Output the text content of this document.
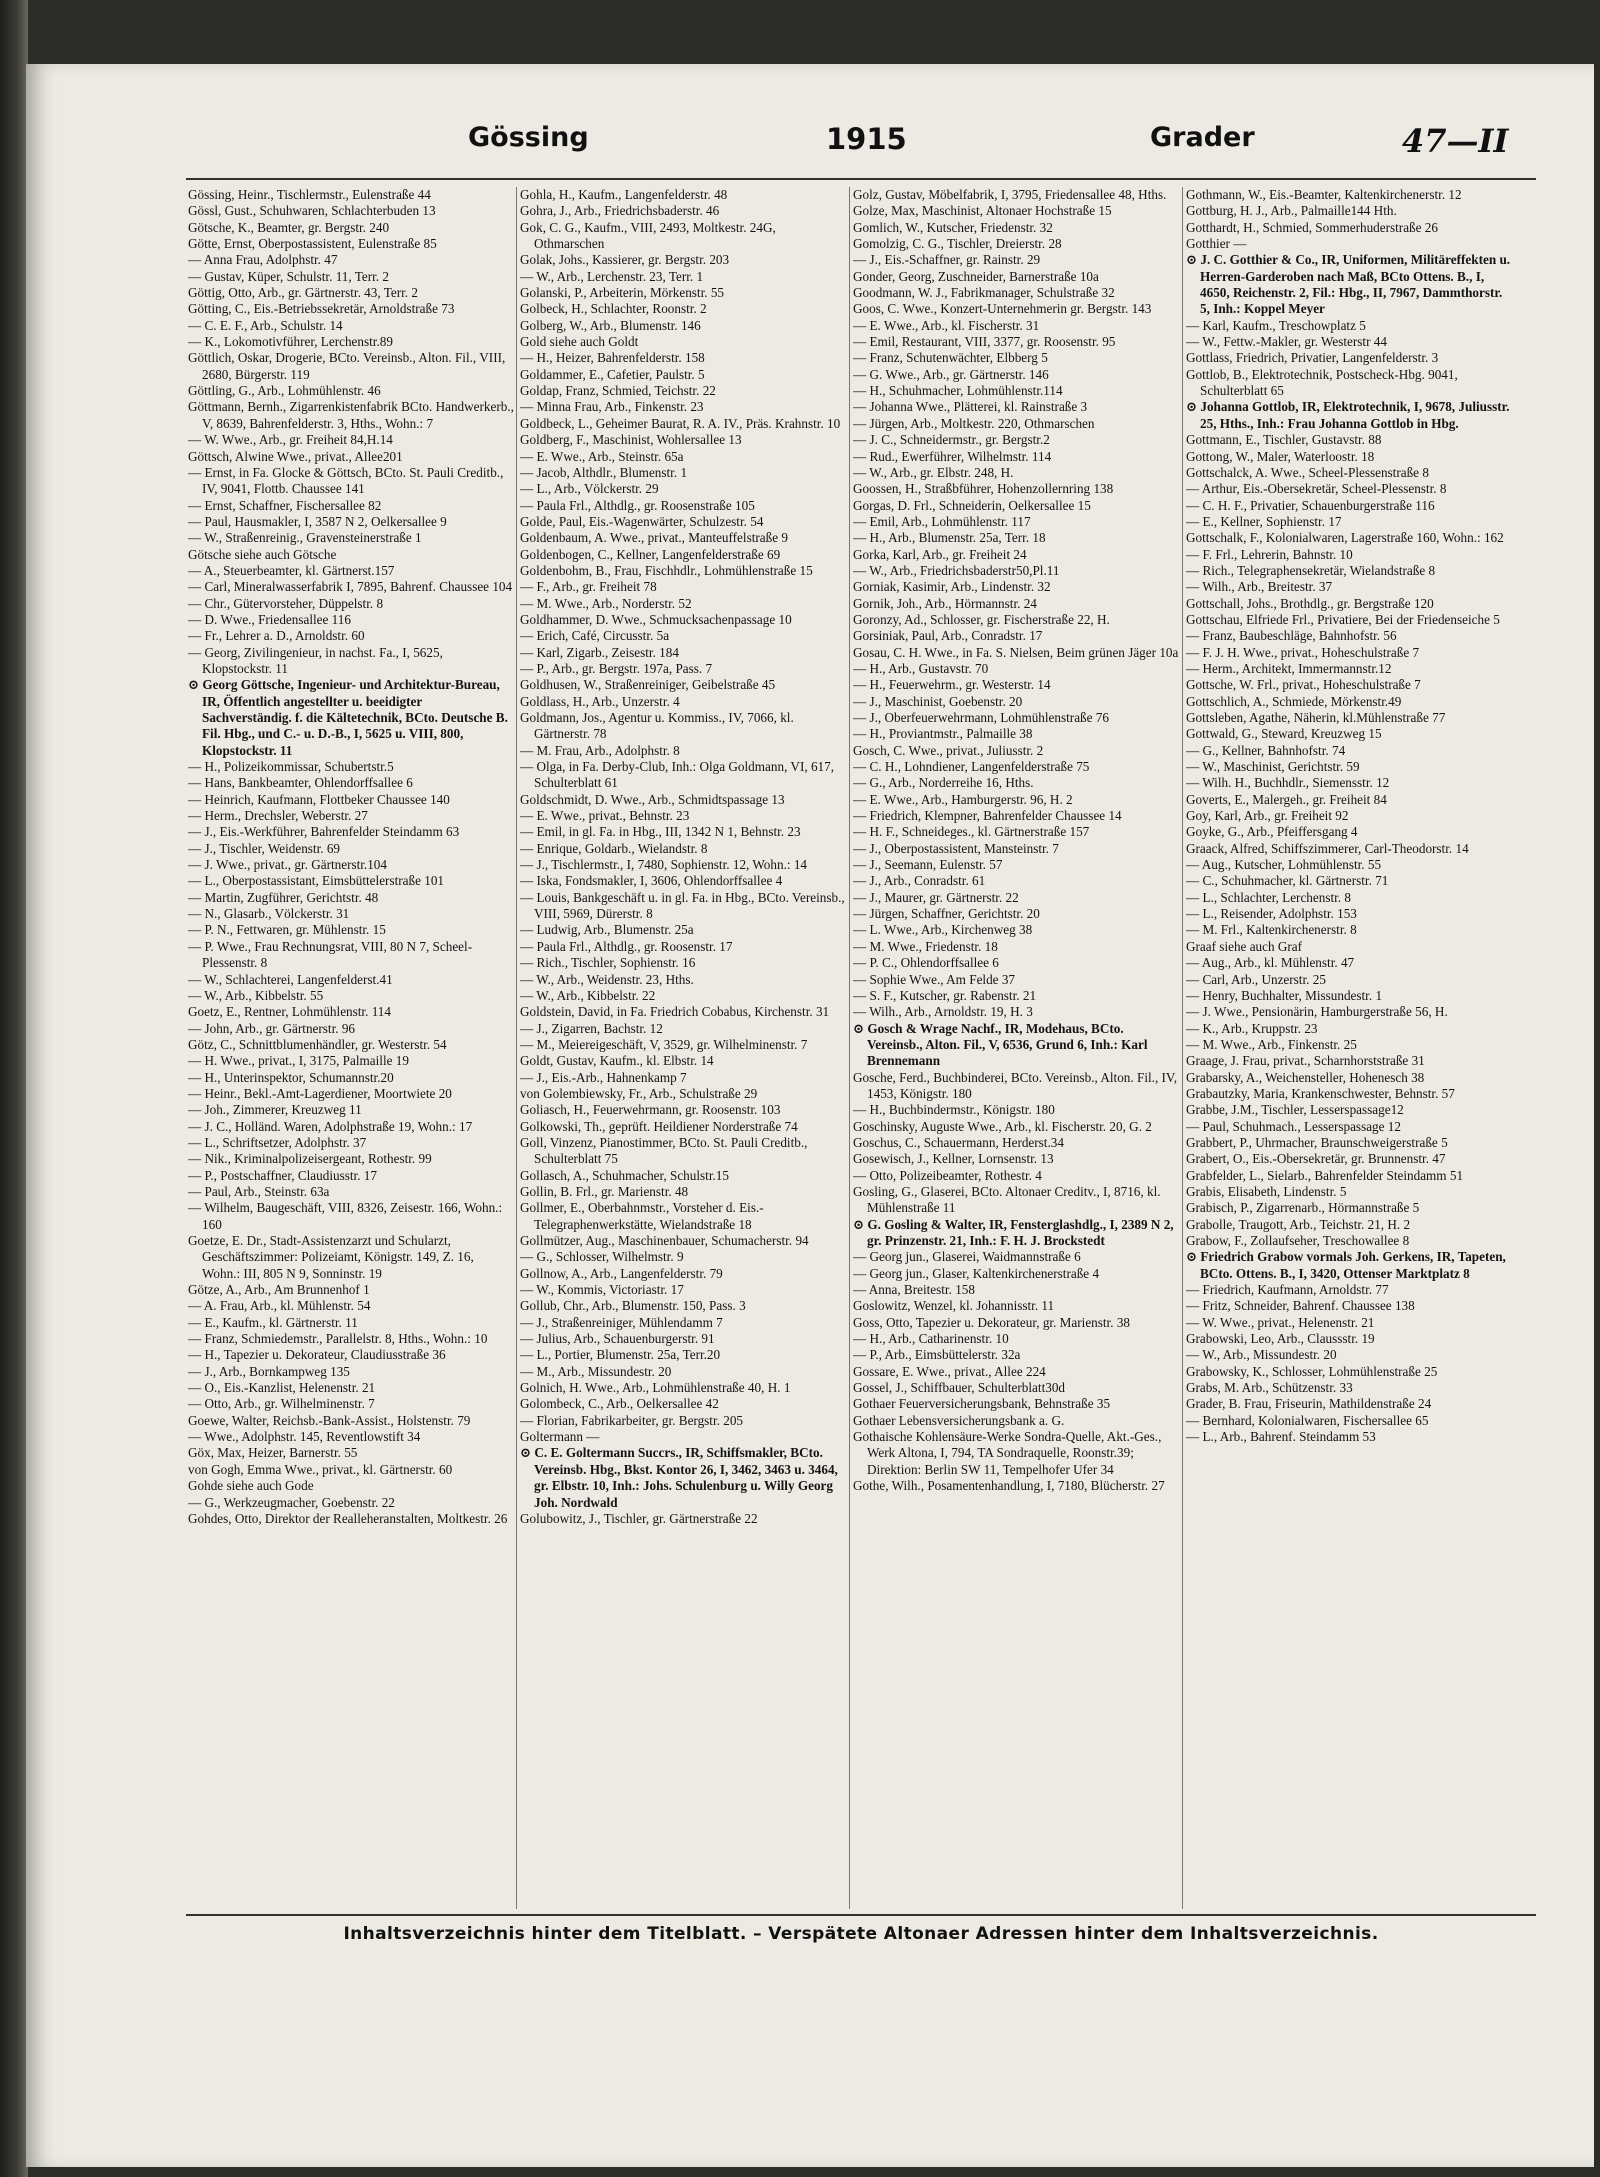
Gössing	1915	Grader	47—II
Gössing, Heinr., Tischlermstr., Eulenstraße 44
Gössl, Gust., Schuhwaren, Schlachterbuden 13
Götsche, K., Beamter, gr. Bergstr. 240
Götte, Ernst, Oberpostassistent, Eulenstraße 85
— Anna Frau, Adolphstr. 47
— Gustav, Küper, Schulstr. 11, Terr. 2
Göttig, Otto, Arb., gr. Gärtnerstr. 43, Terr. 2
Götting, C., Eis.-Betriebssekretär, Arnoldstraße 73
— C. E. F., Arb., Schulstr. 14
— K., Lokomotivführer, Lerchenstr.89
Göttlich, Oskar, Drogerie, BCto. Vereinsb., Alton. Fil., VIII, 2680, Bürgerstr. 119
Göttling, G., Arb., Lohmühlenstr. 46
Göttmann, Bernh., Zigarrenkistenfabrik BCto. Handwerkerb., V, 8639, Bahrenfelderstr. 3, Hths., Wohn.: 7
— W. Wwe., Arb., gr. Freiheit 84,H.14
Göttsch, Alwine Wwe., privat., Allee201
— Ernst, in Fa. Glocke & Göttsch, BCto. St. Pauli Creditb., IV, 9041, Flottb. Chaussee 141
— Ernst, Schaffner, Fischersallee 82
— Paul, Hausmakler, I, 3587 N 2, Oelkersallee 9
— W., Straßenreinig., Gravensteinerstraße 1
Götsche siehe auch Götsche
— A., Steuerbeamter, kl. Gärtnerst.157
— Carl, Mineralwasserfabrik I, 7895, Bahrenf. Chaussee 104
— Chr., Gütervorsteher, Düppelstr. 8
— D. Wwe., Friedensallee 116
— Fr., Lehrer a. D., Arnoldstr. 60
— Georg, Zivilingenieur, in nachst. Fa., I, 5625, Klopstockstr. 11
⊙ Georg Göttsche, Ingenieur- und Architektur-Bureau, IR, Öffentlich angestellter u. beeidigter Sachverständig. f. die Kältetechnik, BCto. Deutsche B. Fil. Hbg., und C.- u. D.-B., I, 5625 u. VIII, 800, Klopstockstr. 11
— H., Polizeikommissar, Schubertstr.5
— Hans, Bankbeamter, Ohlendorffsallee 6
— Heinrich, Kaufmann, Flottbeker Chaussee 140
— Herm., Drechsler, Weberstr. 27
— J., Eis.-Werkführer, Bahrenfelder Steindamm 63
— J., Tischler, Weidenstr. 69
— J. Wwe., privat., gr. Gärtnerstr.104
— L., Oberpostassistant, Eimsbüttelerstraße 101
— Martin, Zugführer, Gerichtstr. 48
— N., Glasarb., Völckerstr. 31
— P. N., Fettwaren, gr. Mühlenstr. 15
— P. Wwe., Frau Rechnungsrat, VIII, 80 N 7, Scheel-Plessenstr. 8
— W., Schlachterei, Langenfelderst.41
— W., Arb., Kibbelstr. 55
Goetz, E., Rentner, Lohmühlenstr. 114
— John, Arb., gr. Gärtnerstr. 96
Götz, C., Schnittblumenhändler, gr. Westerstr. 54
— H. Wwe., privat., I, 3175, Palmaille 19
— H., Unterinspektor, Schumannstr.20
— Heinr., Bekl.-Amt-Lagerdiener, Moortwiete 20
— Joh., Zimmerer, Kreuzweg 11
— J. C., Holländ. Waren, Adolphstraße 19, Wohn.: 17
— L., Schriftsetzer, Adolphstr. 37
— Nik., Kriminalpolizeisergeant, Rothestr. 99
— P., Postschaffner, Claudiusstr. 17
— Paul, Arb., Steinstr. 63a
— Wilhelm, Baugeschäft, VIII, 8326, Zeisestr. 166, Wohn.: 160
Goetze, E. Dr., Stadt-Assistenzarzt und Schularzt, Geschäftszimmer: Polizeiamt, Königstr. 149, Z. 16, Wohn.: III, 805 N 9, Sonninstr. 19
Götze, A., Arb., Am Brunnenhof 1
— A. Frau, Arb., kl. Mühlenstr. 54
— E., Kaufm., kl. Gärtnerstr. 11
— Franz, Schmiedemstr., Parallelstr. 8, Hths., Wohn.: 10
— H., Tapezier u. Dekorateur, Claudiusstraße 36
— J., Arb., Bornkampweg 135
— O., Eis.-Kanzlist, Helenenstr. 21
— Otto, Arb., gr. Wilhelminenstr. 7
Goewe, Walter, Reichsb.-Bank-Assist., Holstenstr. 79
— Wwe., Adolphstr. 145, Reventlowstift 34
Göx, Max, Heizer, Barnerstr. 55
von Gogh, Emma Wwe., privat., kl. Gärtnerstr. 60
Gohde siehe auch Gode
— G., Werkzeugmacher, Goebenstr. 22
Gohdes, Otto, Direktor der Realleheranstalten, Moltkestr. 26
Gohla, H., Kaufm., Langenfelderstr. 48
Gohra, J., Arb., Friedrichsbaderstr. 46
Gok, C. G., Kaufm., VIII, 2493, Moltkestr. 24G, Othmarschen
Golak, Johs., Kassierer, gr. Bergstr. 203
— W., Arb., Lerchenstr. 23, Terr. 1
Golanski, P., Arbeiterin, Mörkenstr. 55
Golbeck, H., Schlachter, Roonstr. 2
Golberg, W., Arb., Blumenstr. 146
Gold siehe auch Goldt
— H., Heizer, Bahrenfelderstr. 158
Goldammer, E., Cafetier, Paulstr. 5
Goldap, Franz, Schmied, Teichstr. 22
— Minna Frau, Arb., Finkenstr. 23
Goldbeck, L., Geheimer Baurat, R. A. IV., Präs. Krahnstr. 10
Goldberg, F., Maschinist, Wohlersallee 13
— E. Wwe., Arb., Steinstr. 65a
— Jacob, Althdlr., Blumenstr. 1
— L., Arb., Völckerstr. 29
— Paula Frl., Althdlg., gr. Roosenstraße 105
Golde, Paul, Eis.-Wagenwärter, Schulzestr. 54
Goldenbaum, A. Wwe., privat., Manteuffelstraße 9
Goldenbogen, C., Kellner, Langenfelderstraße 69
Goldenbohm, B., Frau, Fischhdlr., Lohmühlenstraße 15
— F., Arb., gr. Freiheit 78
— M. Wwe., Arb., Norderstr. 52
Goldhammer, D. Wwe., Schmucksachenpassage 10
— Erich, Café, Circusstr. 5a
— Karl, Zigarb., Zeisestr. 184
— P., Arb., gr. Bergstr. 197a, Pass. 7
Goldhusen, W., Straßenreiniger, Geibelstraße 45
Goldlass, H., Arb., Unzerstr. 4
Goldmann, Jos., Agentur u. Kommiss., IV, 7066, kl. Gärtnerstr. 78
— M. Frau, Arb., Adolphstr. 8
— Olga, in Fa. Derby-Club, Inh.: Olga Goldmann, VI, 617, Schulterblatt 61
Goldschmidt, D. Wwe., Arb., Schmidtspassage 13
— E. Wwe., privat., Behnstr. 23
— Emil, in gl. Fa. in Hbg., III, 1342 N 1, Behnstr. 23
— Enrique, Goldarb., Wielandstr. 8
— J., Tischlermstr., I, 7480, Sophienstr. 12, Wohn.: 14
— Iska, Fondsmakler, I, 3606, Ohlendorffsallee 4
— Louis, Bankgeschäft u. in gl. Fa. in Hbg., BCto. Vereinsb., VIII, 5969, Dürerstr. 8
— Ludwig, Arb., Blumenstr. 25a
— Paula Frl., Althdlg., gr. Roosenstr. 17
— Rich., Tischler, Sophienstr. 16
— W., Arb., Weidenstr. 23, Hths.
— W., Arb., Kibbelstr. 22
Goldstein, David, in Fa. Friedrich Cobabus, Kirchenstr. 31
— J., Zigarren, Bachstr. 12
— M., Meiereigeschäft, V, 3529, gr. Wilhelminenstr. 7
Goldt, Gustav, Kaufm., kl. Elbstr. 14
— J., Eis.-Arb., Hahnenkamp 7
von Golembiewsky, Fr., Arb., Schulstraße 29
Goliasch, H., Feuerwehrmann, gr. Roosenstr. 103
Golkowski, Th., geprüft. Heildiener Norderstraße 74
Goll, Vinzenz, Pianostimmer, BCto. St. Pauli Creditb., Schulterblatt 75
Gollasch, A., Schuhmacher, Schulstr.15
Gollin, B. Frl., gr. Marienstr. 48
Gollmer, E., Oberbahnmstr., Vorsteher d. Eis.-Telegraphenwerkstätte, Wielandstraße 18
Gollmützer, Aug., Maschinenbauer, Schumacherstr. 94
— G., Schlosser, Wilhelmstr. 9
Gollnow, A., Arb., Langenfelderstr. 79
— W., Kommis, Victoriastr. 17
Gollub, Chr., Arb., Blumenstr. 150, Pass. 3
— J., Straßenreiniger, Mühlendamm 7
— Julius, Arb., Schauenburgerstr. 91
— L., Portier, Blumenstr. 25a, Terr.20
— M., Arb., Missundestr. 20
Golnich, H. Wwe., Arb., Lohmühlenstraße 40, H. 1
Golombeck, C., Arb., Oelkersallee 42
— Florian, Fabrikarbeiter, gr. Bergstr. 205
Goltermann —
⊙ C. E. Goltermann Succrs., IR, Schiffsmakler, BCto. Vereinsb. Hbg., Bkst. Kontor 26, I, 3462, 3463 u. 3464, gr. Elbstr. 10, Inh.: Johs. Schulenburg u. Willy Georg Joh. Nordwald
Golubowitz, J., Tischler, gr. Gärtnerstraße 22
Golz, Gustav, Möbelfabrik, I, 3795, Friedensallee 48, Hths.
Golze, Max, Maschinist, Altonaer Hochstraße 15
Gomlich, W., Kutscher, Friedenstr. 32
Gomolzig, C. G., Tischler, Dreierstr. 28
— J., Eis.-Schaffner, gr. Rainstr. 29
Gonder, Georg, Zuschneider, Barnerstraße 10a
Goodmann, W. J., Fabrikmanager, Schulstraße 32
Goos, C. Wwe., Konzert-Unternehmerin gr. Bergstr. 143
— E. Wwe., Arb., kl. Fischerstr. 31
— Emil, Restaurant, VIII, 3377, gr. Roosenstr. 95
— Franz, Schutenwächter, Elbberg 5
— G. Wwe., Arb., gr. Gärtnerstr. 146
— H., Schuhmacher, Lohmühlenstr.114
— Johanna Wwe., Plätterei, kl. Rainstraße 3
— Jürgen, Arb., Moltkestr. 220, Othmarschen
— J. C., Schneidermstr., gr. Bergstr.2
— Rud., Ewerführer, Wilhelmstr. 114
— W., Arb., gr. Elbstr. 248, H.
Goossen, H., Straßbführer, Hohenzollernring 138
Gorgas, D. Frl., Schneiderin, Oelkersallee 15
— Emil, Arb., Lohmühlenstr. 117
— H., Arb., Blumenstr. 25a, Terr. 18
Gorka, Karl, Arb., gr. Freiheit 24
— W., Arb., Friedrichsbaderstr50,Pl.11
Gorniak, Kasimir, Arb., Lindenstr. 32
Gornik, Joh., Arb., Hörmannstr. 24
Goronzy, Ad., Schlosser, gr. Fischerstraße 22, H.
Gorsiniak, Paul, Arb., Conradstr. 17
Gosau, C. H. Wwe., in Fa. S. Nielsen, Beim grünen Jäger 10a
— H., Arb., Gustavstr. 70
— H., Feuerwehrm., gr. Westerstr. 14
— J., Maschinist, Goebenstr. 20
— J., Oberfeuerwehrmann, Lohmühlenstraße 76
— H., Proviantmstr., Palmaille 38
Gosch, C. Wwe., privat., Juliusstr. 2
— C. H., Lohndiener, Langenfelderstraße 75
— G., Arb., Norderreihe 16, Hths.
— E. Wwe., Arb., Hamburgerstr. 96, H. 2
— Friedrich, Klempner, Bahrenfelder Chaussee 14
— H. F., Schneideges., kl. Gärtnerstraße 157
— J., Oberpostassistent, Mansteinstr. 7
— J., Seemann, Eulenstr. 57
— J., Arb., Conradstr. 61
— J., Maurer, gr. Gärtnerstr. 22
— Jürgen, Schaffner, Gerichtstr. 20
— L. Wwe., Arb., Kirchenweg 38
— M. Wwe., Friedenstr. 18
— P. C., Ohlendorffsallee 6
— Sophie Wwe., Am Felde 37
— S. F., Kutscher, gr. Rabenstr. 21
— Wilh., Arb., Arnoldstr. 19, H. 3
⊙ Gosch & Wrage Nachf., IR, Modehaus, BCto. Vereinsb., Alton. Fil., V, 6536, Grund 6, Inh.: Karl Brennemann
Gosche, Ferd., Buchbinderei, BCto. Vereinsb., Alton. Fil., IV, 1453, Königstr. 180
— H., Buchbindermstr., Königstr. 180
Goschinsky, Auguste Wwe., Arb., kl. Fischerstr. 20, G. 2
Goschus, C., Schauermann, Herderst.34
Gosewisch, J., Kellner, Lornsenstr. 13
— Otto, Polizeibeamter, Rothestr. 4
Gosling, G., Glaserei, BCto. Altonaer Creditv., I, 8716, kl. Mühlenstraße 11
⊙ G. Gosling & Walter, IR, Fensterglashdlg., I, 2389 N 2, gr. Prinzenstr. 21, Inh.: F. H. J. Brockstedt
— Georg jun., Glaserei, Waidmannstraße 6
— Georg jun., Glaser, Kaltenkirchenerstraße 4
— Anna, Breitestr. 158
Goslowitz, Wenzel, kl. Johannisstr. 11
Goss, Otto, Tapezier u. Dekorateur, gr. Marienstr. 38
— H., Arb., Catharinenstr. 10
— P., Arb., Eimsbüttelerstr. 32a
Gossare, E. Wwe., privat., Allee 224
Gossel, J., Schiffbauer, Schulterblatt30d
Gothaer Feuerversicherungsbank, Behnstraße 35
Gothaer Lebensversicherungsbank a. G.
Gothaische Kohlensäure-Werke Sondra-Quelle, Akt.-Ges., Werk Altona, I, 794, TA Sondraquelle, Roonstr.39; Direktion: Berlin SW 11, Tempelhofer Ufer 34
Gothe, Wilh., Posamentenhandlung, I, 7180, Blücherstr. 27
Gothmann, W., Eis.-Beamter, Kaltenkirchenerstr. 12
Gottburg, H. J., Arb., Palmaille144 Hth.
Gotthardt, H., Schmied, Sommerhuderstraße 26
Gotthier —
⊙ J. C. Gotthier & Co., IR, Uniformen, Militäreffekten u. Herren-Garderoben nach Maß, BCto Ottens. B., I, 4650, Reichenstr. 2, Fil.: Hbg., II, 7967, Dammthorstr. 5, Inh.: Koppel Meyer
— Karl, Kaufm., Treschowplatz 5
— W., Fettw.-Makler, gr. Westerstr 44
Gottlass, Friedrich, Privatier, Langenfelderstr. 3
Gottlob, B., Elektrotechnik, Postscheck-Hbg. 9041, Schulterblatt 65
⊙ Johanna Gottlob, IR, Elektrotechnik, I, 9678, Juliusstr. 25, Hths., Inh.: Frau Johanna Gottlob in Hbg.
Gottmann, E., Tischler, Gustavstr. 88
Gottong, W., Maler, Waterloostr. 18
Gottschalck, A. Wwe., Scheel-Plessenstraße 8
— Arthur, Eis.-Obersekretär, Scheel-Plessenstr. 8
— C. H. F., Privatier, Schauenburgerstraße 116
— E., Kellner, Sophienstr. 17
Gottschalk, F., Kolonialwaren, Lagerstraße 160, Wohn.: 162
— F. Frl., Lehrerin, Bahnstr. 10
— Rich., Telegraphensekretär, Wielandstraße 8
— Wilh., Arb., Breitestr. 37
Gottschall, Johs., Brothdlg., gr. Bergstraße 120
Gottschau, Elfriede Frl., Privatiere, Bei der Friedenseiche 5
— Franz, Baubeschläge, Bahnhofstr. 56
— F. J. H. Wwe., privat., Hoheschulstraße 7
— Herm., Architekt, Immermannstr.12
Gottsche, W. Frl., privat., Hoheschulstraße 7
Gottschlich, A., Schmiede, Mörkenstr.49
Gottsleben, Agathe, Näherin, kl.Mühlenstraße 77
Gottwald, G., Steward, Kreuzweg 15
— G., Kellner, Bahnhofstr. 74
— W., Maschinist, Gerichtstr. 59
— Wilh. H., Buchhdlr., Siemensstr. 12
Goverts, E., Malergeh., gr. Freiheit 84
Goy, Karl, Arb., gr. Freiheit 92
Goyke, G., Arb., Pfeiffersgang 4
Graack, Alfred, Schiffszimmerer, Carl-Theodorstr. 14
— Aug., Kutscher, Lohmühlenstr. 55
— C., Schuhmacher, kl. Gärtnerstr. 71
— L., Schlachter, Lerchenstr. 8
— L., Reisender, Adolphstr. 153
— M. Frl., Kaltenkirchenerstr. 8
Graaf siehe auch Graf
— Aug., Arb., kl. Mühlenstr. 47
— Carl, Arb., Unzerstr. 25
— Henry, Buchhalter, Missundestr. 1
— J. Wwe., Pensionärin, Hamburgerstraße 56, H.
— K., Arb., Kruppstr. 23
— M. Wwe., Arb., Finkenstr. 25
Graage, J. Frau, privat., Scharnhorststraße 31
Grabarsky, A., Weichensteller, Hohenesch 38
Grabautzky, Maria, Krankenschwester, Behnstr. 57
Grabbe, J.M., Tischler, Lesserspassage12
— Paul, Schuhmach., Lesserspassage 12
Grabbert, P., Uhrmacher, Braunschweigerstraße 5
Grabert, O., Eis.-Obersekretär, gr. Brunnenstr. 47
Grabfelder, L., Sielarb., Bahrenfelder Steindamm 51
Grabis, Elisabeth, Lindenstr. 5
Grabisch, P., Zigarrenarb., Hörmannstraße 5
Grabolle, Traugott, Arb., Teichstr. 21, H. 2
Grabow, F., Zollaufseher, Treschowallee 8
⊙ Friedrich Grabow vormals Joh. Gerkens, IR, Tapeten, BCto. Ottens. B., I, 3420, Ottenser Marktplatz 8
— Friedrich, Kaufmann, Arnoldstr. 77
— Fritz, Schneider, Bahrenf. Chaussee 138
— W. Wwe., privat., Helenenstr. 21
Grabowski, Leo, Arb., Claussstr. 19
— W., Arb., Missundestr. 20
Grabowsky, K., Schlosser, Lohmühlenstraße 25
Grabs, M. Arb., Schützenstr. 33
Grader, B. Frau, Friseurin, Mathildenstraße 24
— Bernhard, Kolonialwaren, Fischersallee 65
— L., Arb., Bahrenf. Steindamm 53
Inhaltsverzeichnis hinter dem Titelblatt. – Verspätete Altonaer Adressen hinter dem Inhaltsverzeichnis.
